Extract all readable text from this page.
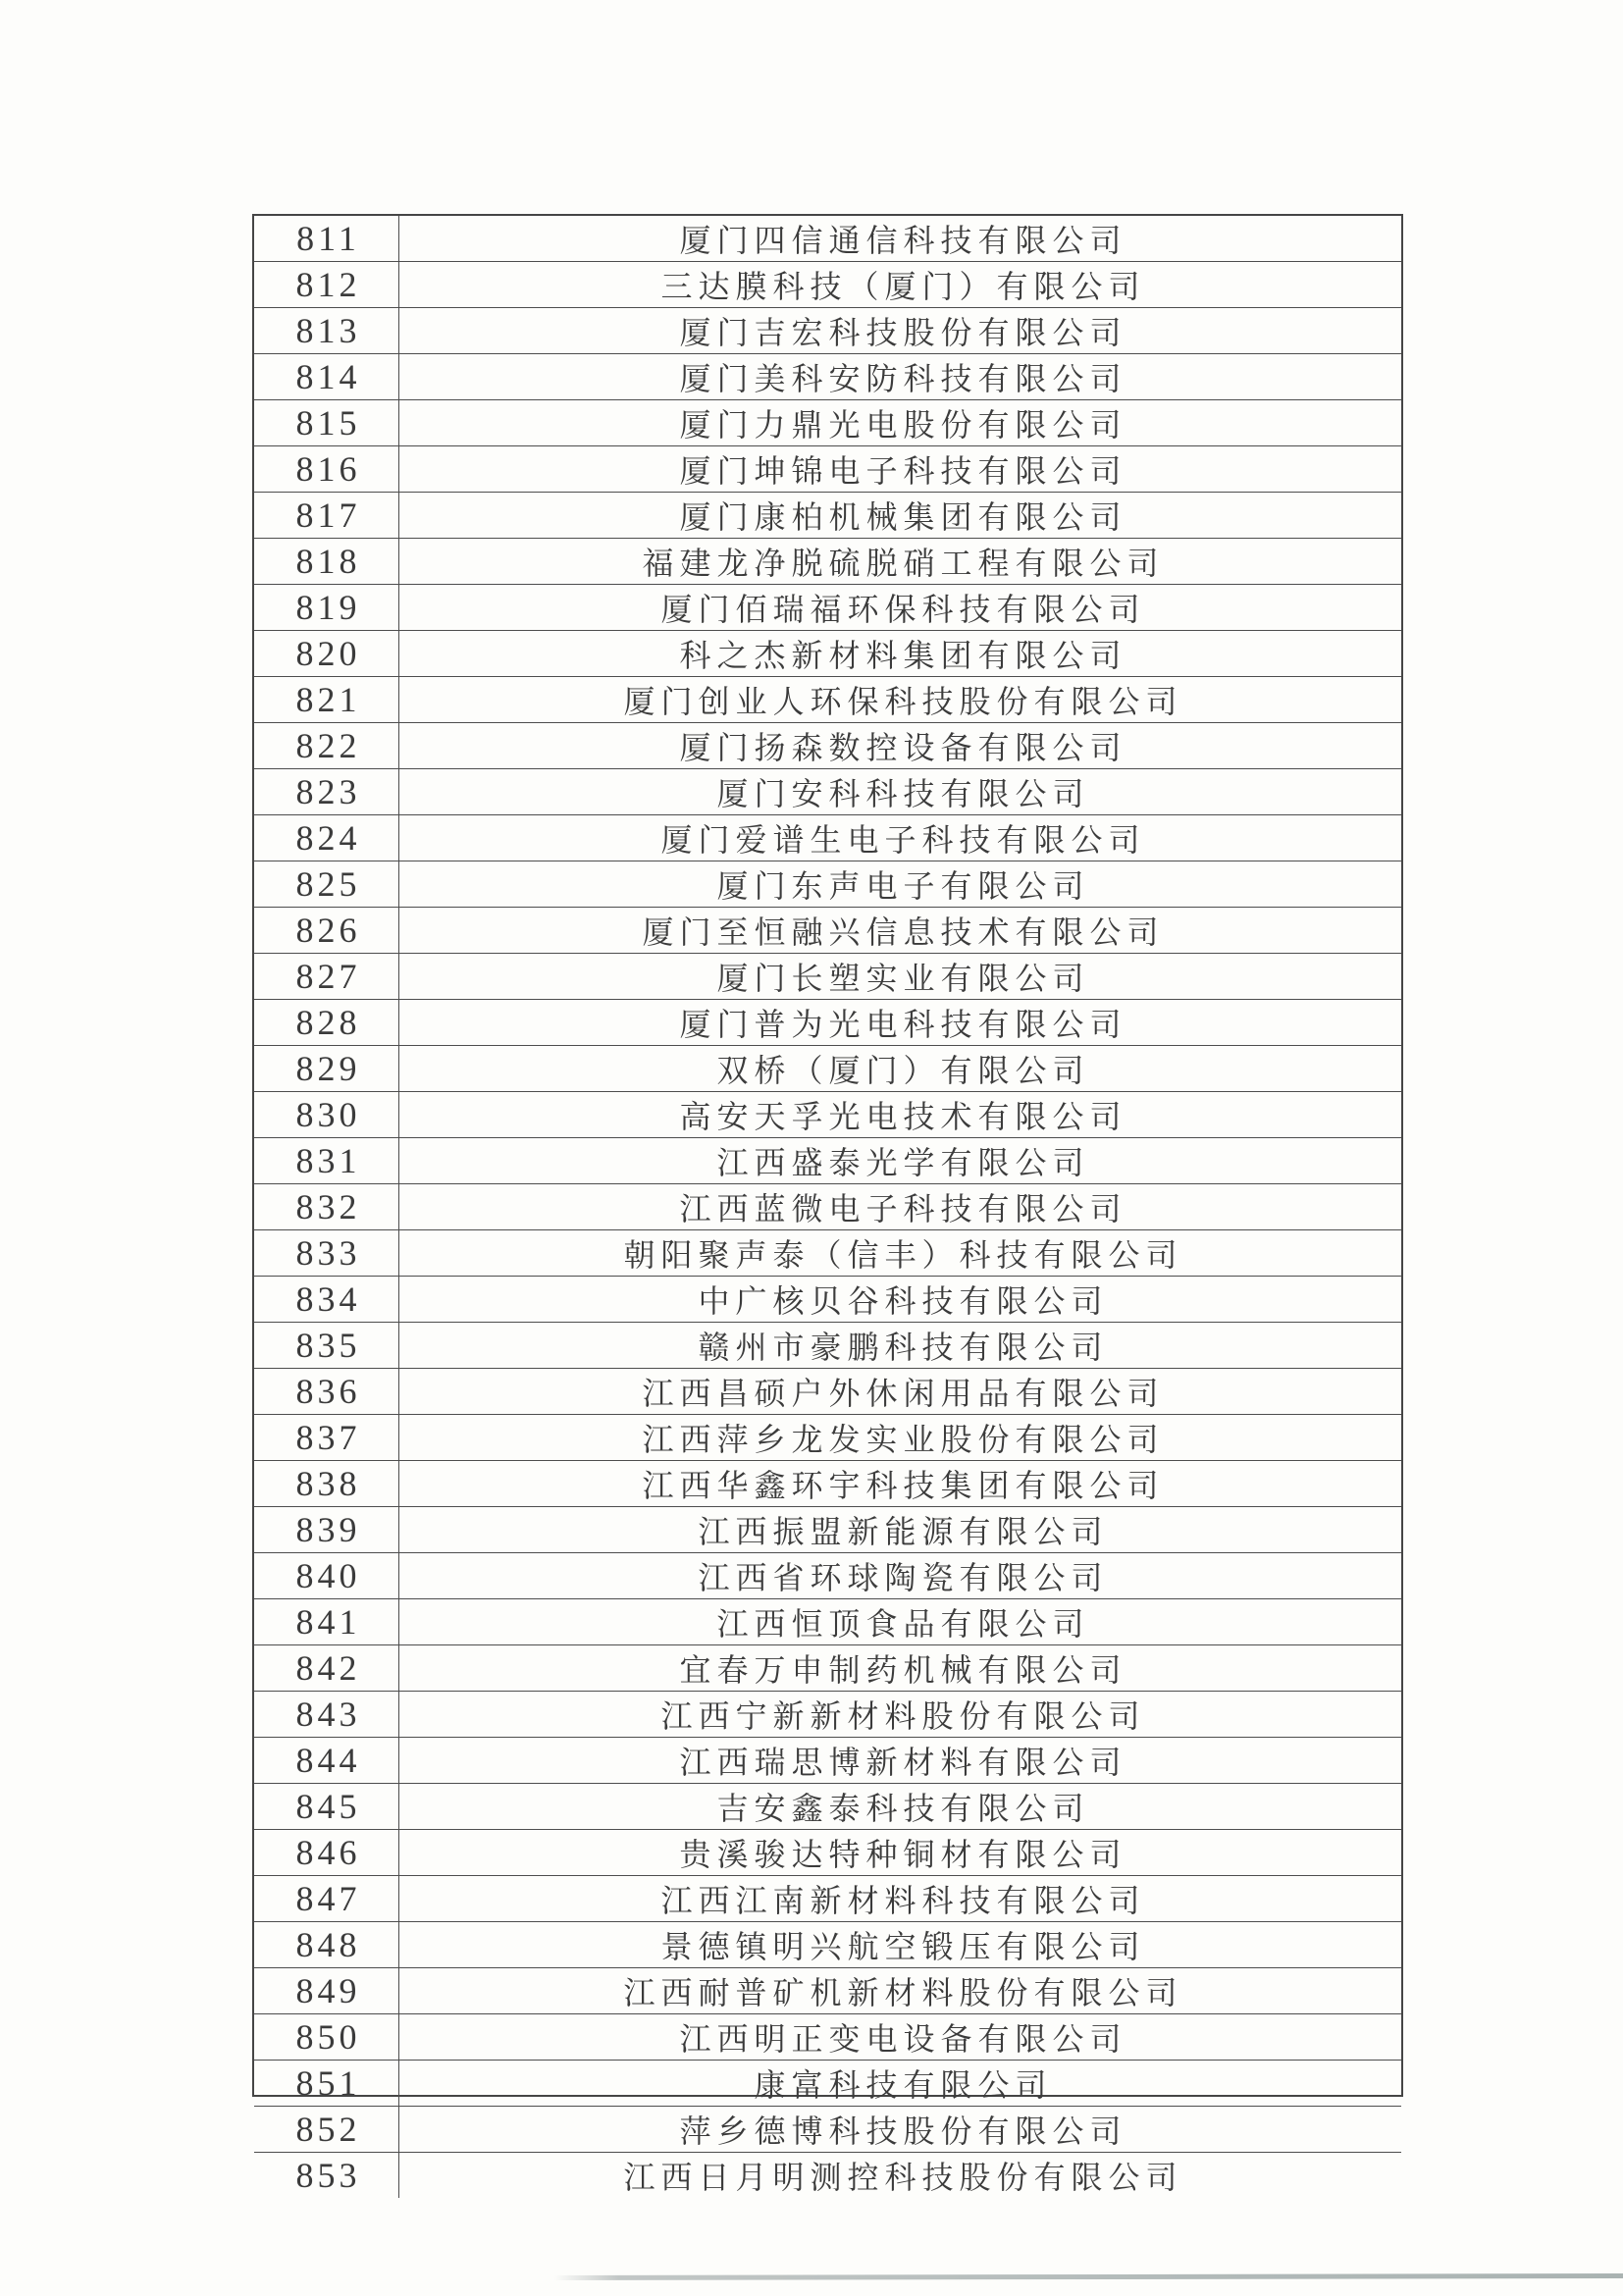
811	厦门四信通信科技有限公司
812	三达膜科技（厦门）有限公司
813	厦门吉宏科技股份有限公司
814	厦门美科安防科技有限公司
815	厦门力鼎光电股份有限公司
816	厦门坤锦电子科技有限公司
817	厦门康柏机械集团有限公司
818	福建龙净脱硫脱硝工程有限公司
819	厦门佰瑞福环保科技有限公司
820	科之杰新材料集团有限公司
821	厦门创业人环保科技股份有限公司
822	厦门扬森数控设备有限公司
823	厦门安科科技有限公司
824	厦门爱谱生电子科技有限公司
825	厦门东声电子有限公司
826	厦门至恒融兴信息技术有限公司
827	厦门长塑实业有限公司
828	厦门普为光电科技有限公司
829	双桥（厦门）有限公司
830	高安天孚光电技术有限公司
831	江西盛泰光学有限公司
832	江西蓝微电子科技有限公司
833	朝阳聚声泰（信丰）科技有限公司
834	中广核贝谷科技有限公司
835	赣州市豪鹏科技有限公司
836	江西昌硕户外休闲用品有限公司
837	江西萍乡龙发实业股份有限公司
838	江西华鑫环宇科技集团有限公司
839	江西振盟新能源有限公司
840	江西省环球陶瓷有限公司
841	江西恒顶食品有限公司
842	宜春万申制药机械有限公司
843	江西宁新新材料股份有限公司
844	江西瑞思博新材料有限公司
845	吉安鑫泰科技有限公司
846	贵溪骏达特种铜材有限公司
847	江西江南新材料科技有限公司
848	景德镇明兴航空锻压有限公司
849	江西耐普矿机新材料股份有限公司
850	江西明正变电设备有限公司
851	康富科技有限公司
852	萍乡德博科技股份有限公司
853	江西日月明测控科技股份有限公司
